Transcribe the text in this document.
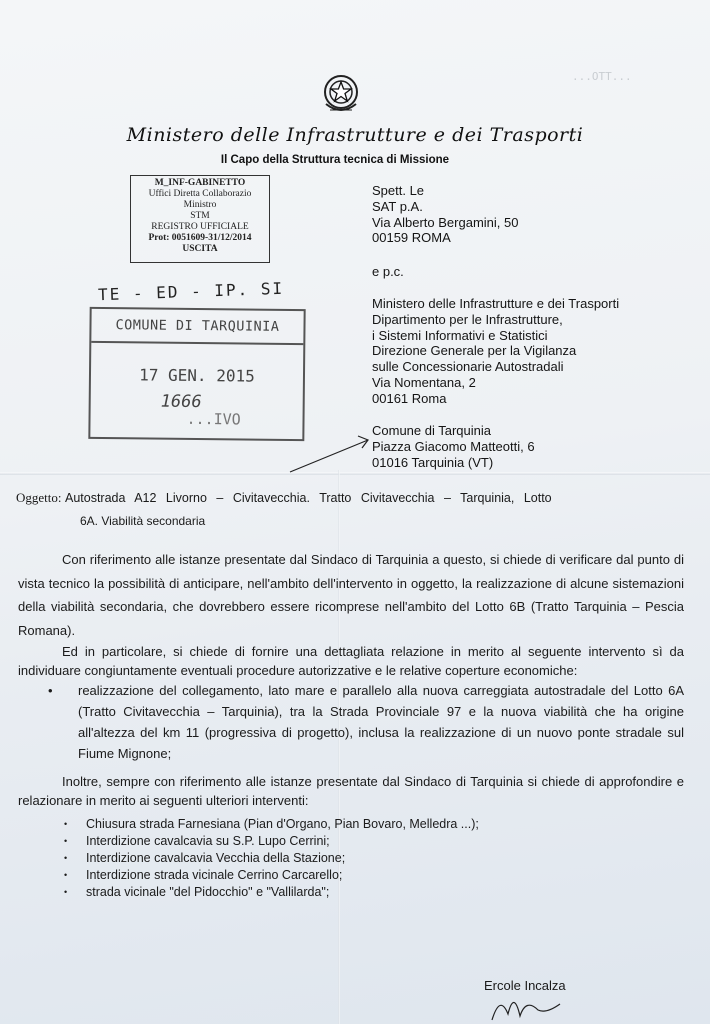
...OTT...
Ministero delle Infrastrutture e dei Trasporti
Il Capo della Struttura tecnica di Missione
M_INF-GABINETTO
Uffici Diretta Collaborazio
Ministro
STM
REGISTRO UFFICIALE
Prot: 0051609-31/12/2014
USCITA
TE - ED - IP. SI
COMUNE DI TARQUINIA
17 GEN. 2015
1666
...IVO
Spett. Le
SAT p.A.
Via Alberto Bergamini, 50
00159 ROMA
e p.c.
Ministero delle Infrastrutture e dei Trasporti
Dipartimento per le Infrastrutture,
i Sistemi Informativi e Statistici
Direzione Generale per la Vigilanza
sulle Concessionarie Autostradali
Via Nomentana, 2
00161 Roma
Comune di Tarquinia
Piazza Giacomo Matteotti, 6
01016 Tarquinia (VT)
Oggetto: Autostrada A12 Livorno – Civitavecchia. Tratto Civitavecchia – Tarquinia, Lotto
6A. Viabilità secondaria

Con riferimento alle istanze presentate dal Sindaco di Tarquinia a questo, si chiede di verificare dal punto di vista tecnico la possibilità di anticipare, nell'ambito dell'intervento in oggetto, la realizzazione di alcune sistemazioni della viabilità secondaria, che dovrebbero essere ricomprese nell'ambito del Lotto 6B (Tratto Tarquinia – Pescia Romana).

Ed in particolare, si chiede di fornire una dettagliata relazione in merito al seguente intervento sì da individuare congiuntamente eventuali procedure autorizzative e le relative coperture economiche:

• realizzazione del collegamento, lato mare e parallelo alla nuova carreggiata autostradale del Lotto 6A (Tratto Civitavecchia – Tarquinia), tra la Strada Provinciale 97 e la nuova viabilità che ha origine all'altezza del km 11 (progressiva di progetto), inclusa la realizzazione di un nuovo ponte stradale sul Fiume Mignone;

Inoltre, sempre con riferimento alle istanze presentate dal Sindaco di Tarquinia si chiede di approfondire e relazionare in merito ai seguenti ulteriori interventi:

• Chiusura strada Farnesiana (Pian d'Organo, Pian Bovaro, Melledra ...);
• Interdizione cavalcavia su S.P. Lupo Cerrini;
• Interdizione cavalcavia Vecchia della Stazione;
• Interdizione strada vicinale Cerrino Carcarello;
• strada vicinale "del Pidocchio" e "Vallilarda";
Ercole Incalza
